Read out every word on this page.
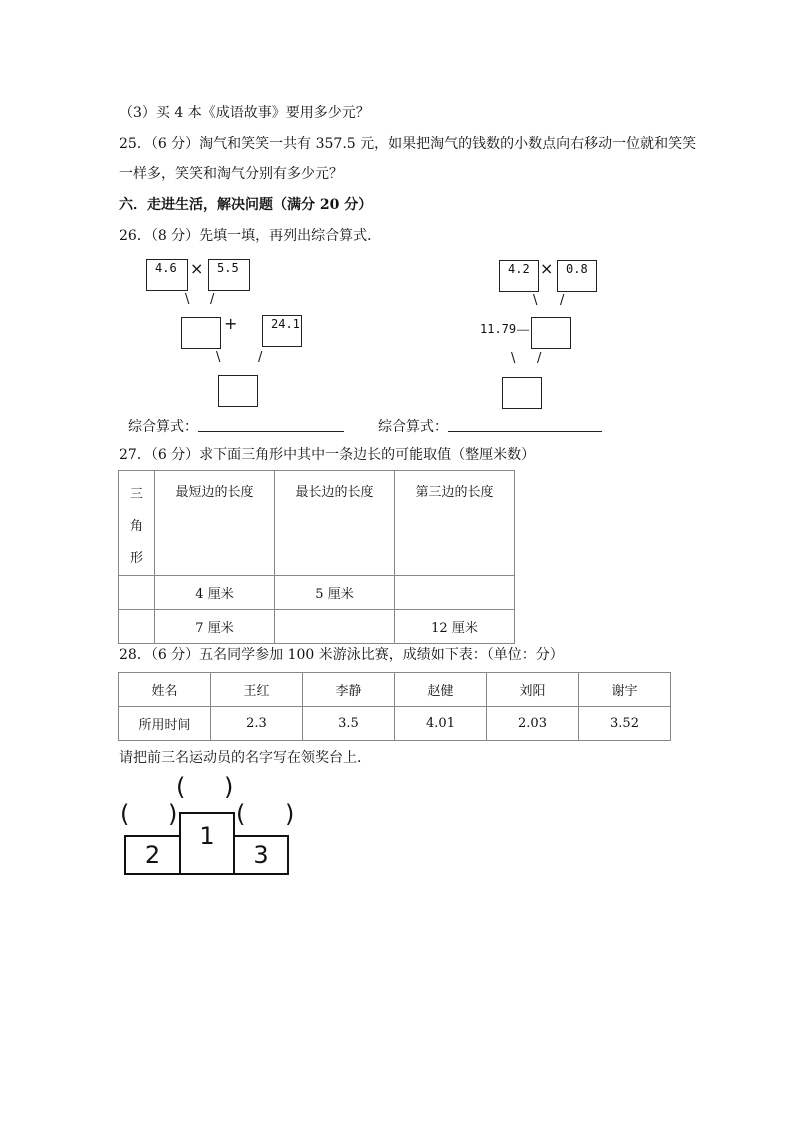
（3）买 4 本《成语故事》要用多少元？
25．（6 分）淘气和笑笑一共有 357.5 元，如果把淘气的钱数的小数点向右移动一位就和笑笑
一样多，笑笑和淘气分别有多少元？
六．走进生活，解决问题（满分 20 分）
26．（8 分）先填一填，再列出综合算式．
4.6 ×	5.5
\ /
+	24.1
\	/
4.2 ×	0.8
\ /
11.79
－
\ /
综合算式：	综合算式：
27．（6 分）求下面三角形中其中一条边长的可能取值（整厘米数）
三
角
形	最短边的长度	最长边的长度	第三边的长度
	4 厘米	5 厘米	
	7 厘米		12 厘米
28．（6 分）五名同学参加 100 米游泳比赛，成绩如下表：（单位：分）
姓名	王红	李静	赵健	刘阳	谢宇
所用时间	2.3	3.5	4.01	2.03	3.52
请把前三名运动员的名字写在领奖台上．
( )
( )
( )
2
1
3
